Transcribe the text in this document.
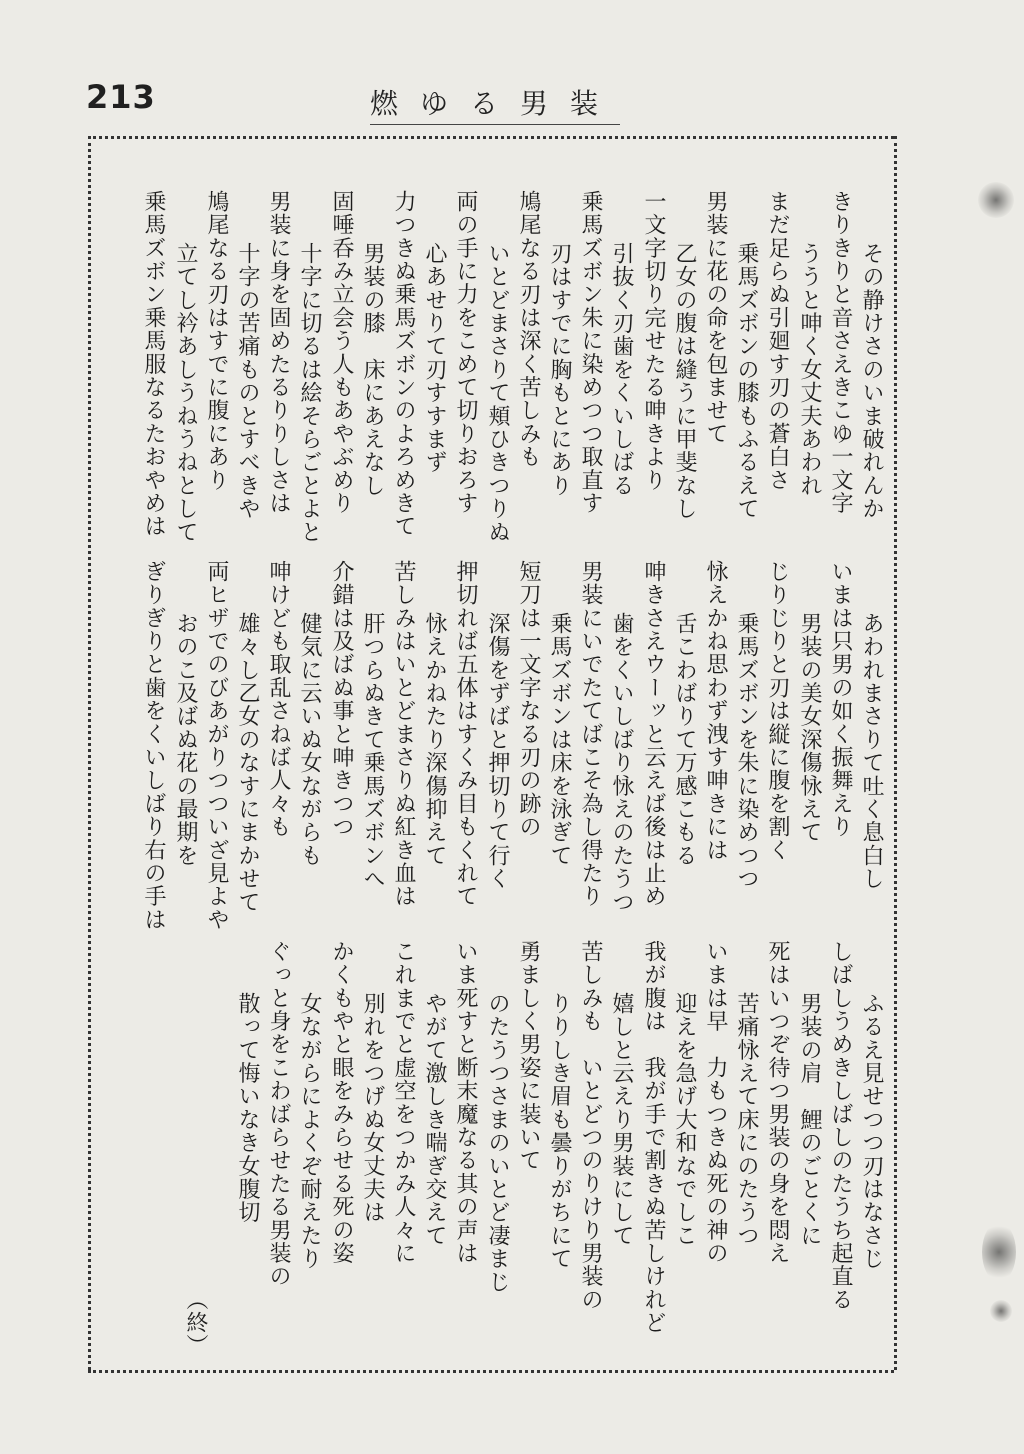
213	燃ゆる男装
その静けさのいま破れんか
きりきりと音さえきこゆ一文字
ううと呻く女丈夫あわれ
まだ足らぬ引廻す刃の蒼白さ
乗馬ズボンの膝もふるえて
男装に花の命を包ませて
乙女の腹は縫うに甲斐なし
一文字切り完せたる呻きより
引抜く刃歯をくいしばる
乗馬ズボン朱に染めつつ取直す
刃はすでに胸もとにあり
鳩尾なる刃は深く苦しみも
いとどまさりて頬ひきつりぬ
両の手に力をこめて切りおろす
心あせりて刃すすまず
力つきぬ乗馬ズボンのよろめきて
男装の膝　床にあえなし
固唾呑み立会う人もあやぶめり
十字に切るは絵そらごとよと
男装に身を固めたるりりしさは
十字の苦痛ものとすべきや
鳩尾なる刃はすでに腹にあり
立てし衿あしうねうねとして
乗馬ズボン乗馬服なるたおやめは
あわれまさりて吐く息白し
いまは只男の如く振舞えり
男装の美女深傷怺えて
じりじりと刃は縦に腹を割く
乗馬ズボンを朱に染めつつ
怺えかね思わず洩す呻きには
舌こわばりて万感こもる
呻きさえウーッと云えば後は止め
歯をくいしばり怺えのたうつ
男装にいでたてばこそ為し得たり
乗馬ズボンは床を泳ぎて
短刀は一文字なる刃の跡の
深傷をずばと押切りて行く
押切れば五体はすくみ目もくれて
怺えかねたり深傷抑えて
苦しみはいとどまさりぬ紅き血は
肝つらぬきて乗馬ズボンへ
介錯は及ばぬ事と呻きつつ
健気に云いぬ女ながらも
呻けども取乱さねば人々も
雄々し乙女のなすにまかせて
両ヒザでのびあがりつついざ見よや
おのこ及ばぬ花の最期を
ぎりぎりと歯をくいしばり右の手は
ふるえ見せつつ刃はなさじ
しばしうめきしばしのたうち起直る
男装の肩　鯉のごとくに
死はいつぞ待つ男装の身を悶え
苦痛怺えて床にのたうつ
いまは早　力もつきぬ死の神の
迎えを急げ大和なでしこ
我が腹は　我が手で割きぬ苦しけれど
嬉しと云えり男装にして
苦しみも　いとどつのりけり男装の
りりしき眉も曇りがちにて
勇ましく男姿に装いて
のたうつさまのいとど凄まじ
いま死すと断末魔なる其の声は
やがて激しき喘ぎ交えて
これまでと虚空をつかみ人々に
別れをつげぬ女丈夫は
かくもやと眼をみらせる死の姿
女ながらによくぞ耐えたり
ぐっと身をこわばらせたる男装の
散って悔いなき女腹切
（終）
